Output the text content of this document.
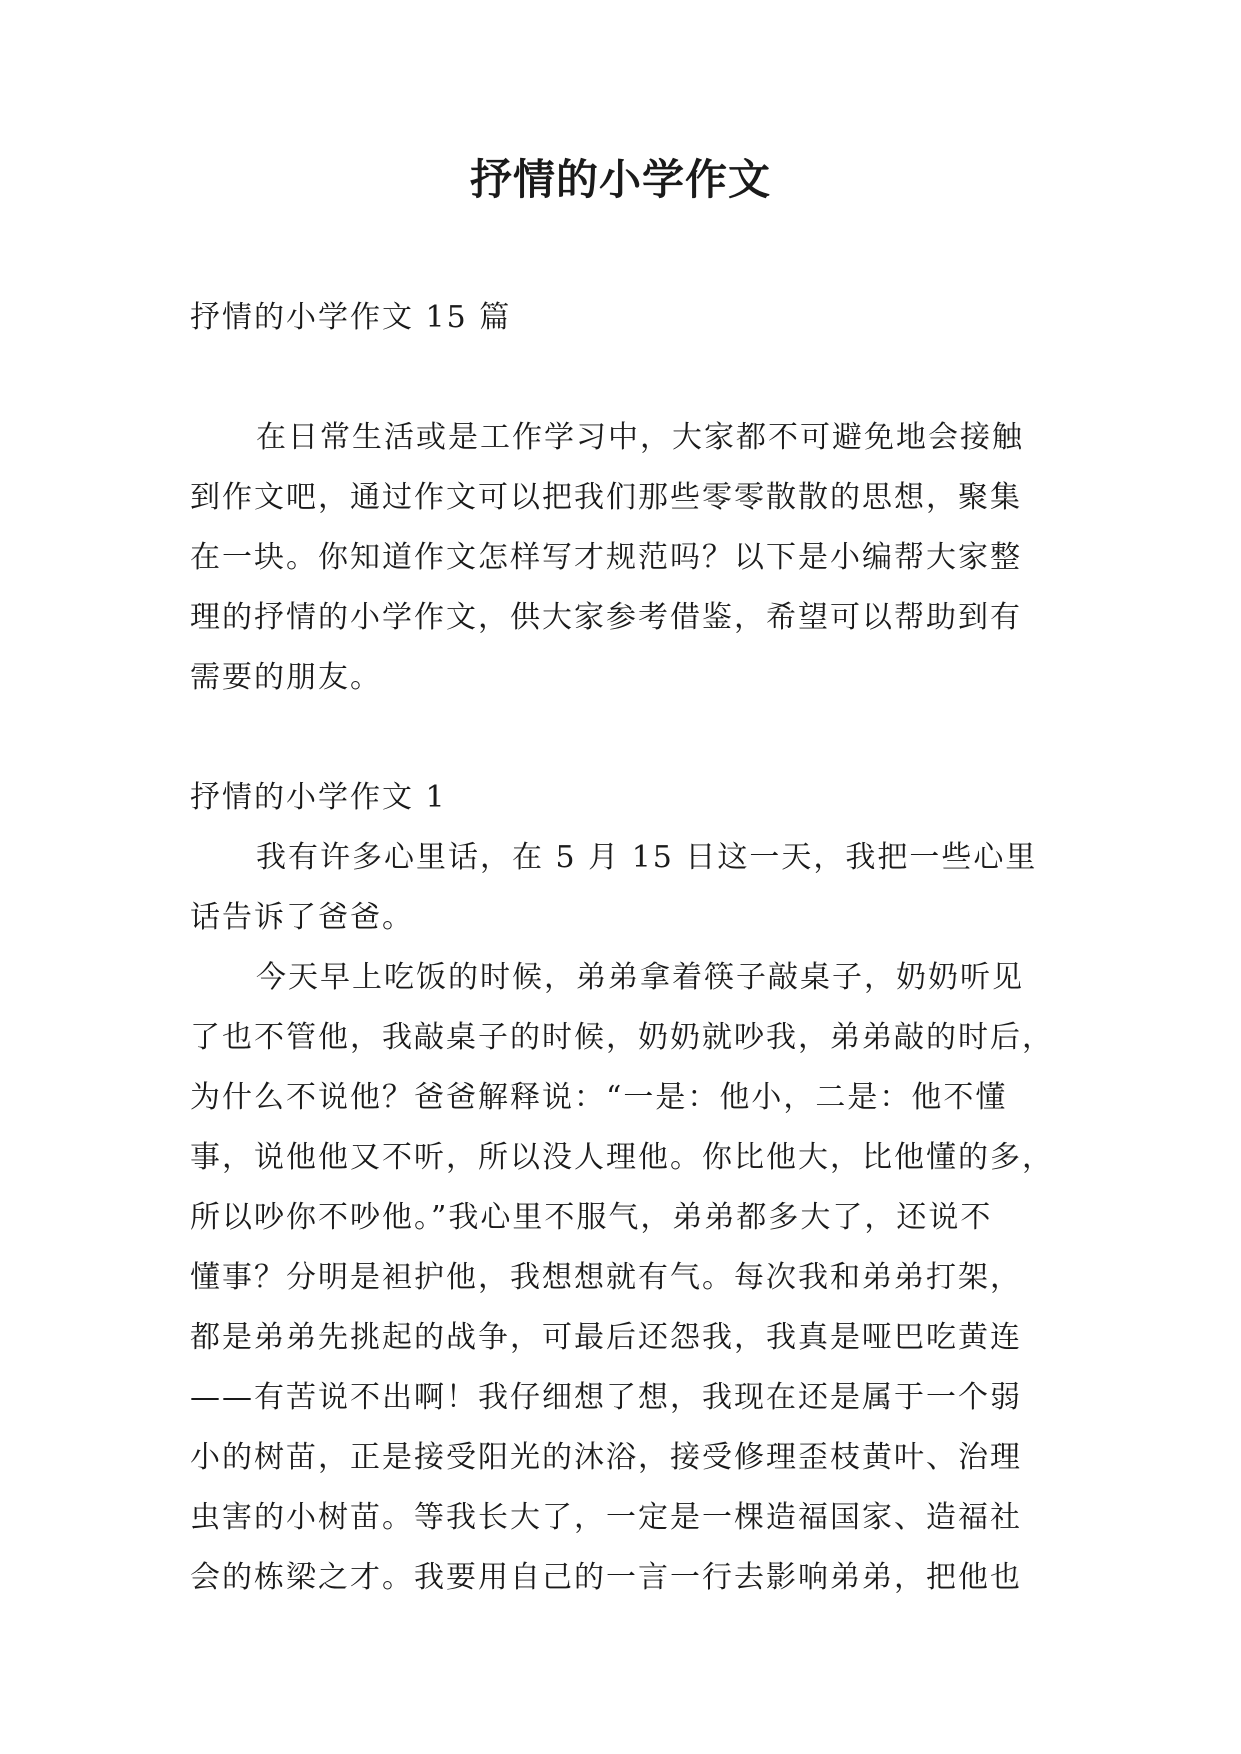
抒情的小学作文

抒情的小学作文 15 篇

在日常生活或是工作学习中，大家都不可避免地会接触

到作文吧，通过作文可以把我们那些零零散散的思想，聚集

在一块。你知道作文怎样写才规范吗？以下是小编帮大家整

理的抒情的小学作文，供大家参考借鉴，希望可以帮助到有

需要的朋友。

抒情的小学作文 1

我有许多心里话，在 5 月 15 日这一天，我把一些心里

话告诉了爸爸。

今天早上吃饭的时候，弟弟拿着筷子敲桌子，奶奶听见

了也不管他，我敲桌子的时候，奶奶就吵我，弟弟敲的时后，

为什么不说他？爸爸解释说：“一是：他小，二是：他不懂

事，说他他又不听，所以没人理他。你比他大，比他懂的多，

所以吵你不吵他。”我心里不服气，弟弟都多大了，还说不

懂事？分明是袒护他，我想想就有气。每次我和弟弟打架，

都是弟弟先挑起的战争，可最后还怨我，我真是哑巴吃黄连

——有苦说不出啊！我仔细想了想，我现在还是属于一个弱

小的树苗，正是接受阳光的沐浴，接受修理歪枝黄叶、治理

虫害的小树苗。等我长大了，一定是一棵造福国家、造福社

会的栋梁之才。我要用自己的一言一行去影响弟弟，把他也
